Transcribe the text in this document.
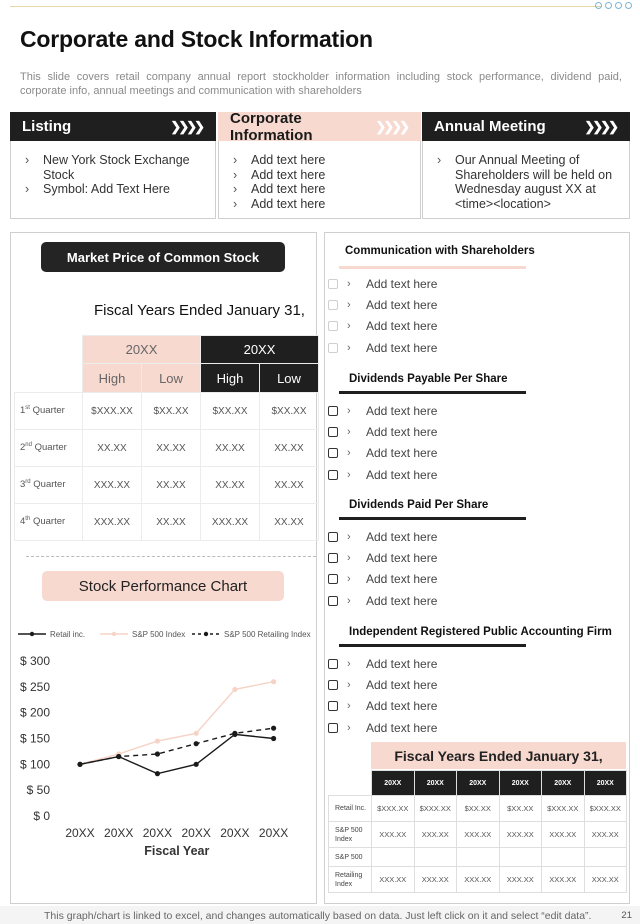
Corporate and Stock Information
This slide covers retail company annual report stockholder information including stock performance, dividend paid, corporate info, annual meetings and communication with shareholders
Listing	❯❯❯❯
›	New York Stock Exchange Stock
›	Symbol: Add Text Here
Corporate Information
❯❯❯❯
›	Add text here
›	Add text here
›	Add text here
›	Add text here
Annual Meeting	❯❯❯❯
›	Our Annual Meeting of Shareholders will be held on Wednesday august XX at <time><location>
Market Price of Common Stock
Fiscal Years Ended January 31,
	20XX		20XX	
	High	Low	High	Low
1st Quarter	$XXX.XX	$XX.XX	$XX.XX	$XX.XX
2nd Quarter	XX.XX	XX.XX	XX.XX	XX.XX
3rd Quarter	XXX.XX	XX.XX	XX.XX	XX.XX
4th Quarter	XXX.XX	XX.XX	XXX.XX	XX.XX
Stock Performance Chart
$ 0
$ 50
$ 100
$ 150
$ 200
$ 250
$ 300
20XX 20XX 20XX 20XX 20XX 20XX
Fiscal Year
Retail inc.	S&P 500 Index	S&P 500 Retailing Index
Communication with Shareholders
›	Add text here
›	Add text here
›	Add text here
›	Add text here
Dividends Payable Per Share
›	Add text here
›	Add text here
›	Add text here
›	Add text here
Dividends Paid Per Share
›	Add text here
›	Add text here
›	Add text here
›	Add text here
Independent Registered Public Accounting Firm
›	Add text here
›	Add text here
›	Add text here
›	Add text here
Fiscal Years Ended January 31,
	20XX	20XX	20XX	20XX	20XX	20XX
Retail Inc.	$XXX.XX	$XXX.XX	$XX.XX	$XX.XX	$XXX.XX	$XXX.XX
S&P 500 Index	XXX.XX	XXX.XX	XXX.XX	XXX.XX	XXX.XX	XXX.XX
S&P 500						
Retailing Index	XXX.XX	XXX.XX	XXX.XX	XXX.XX	XXX.XX	XXX.XX
This graph/chart is linked to excel, and changes automatically based on data. Just left click on it and select “edit data”.	21
